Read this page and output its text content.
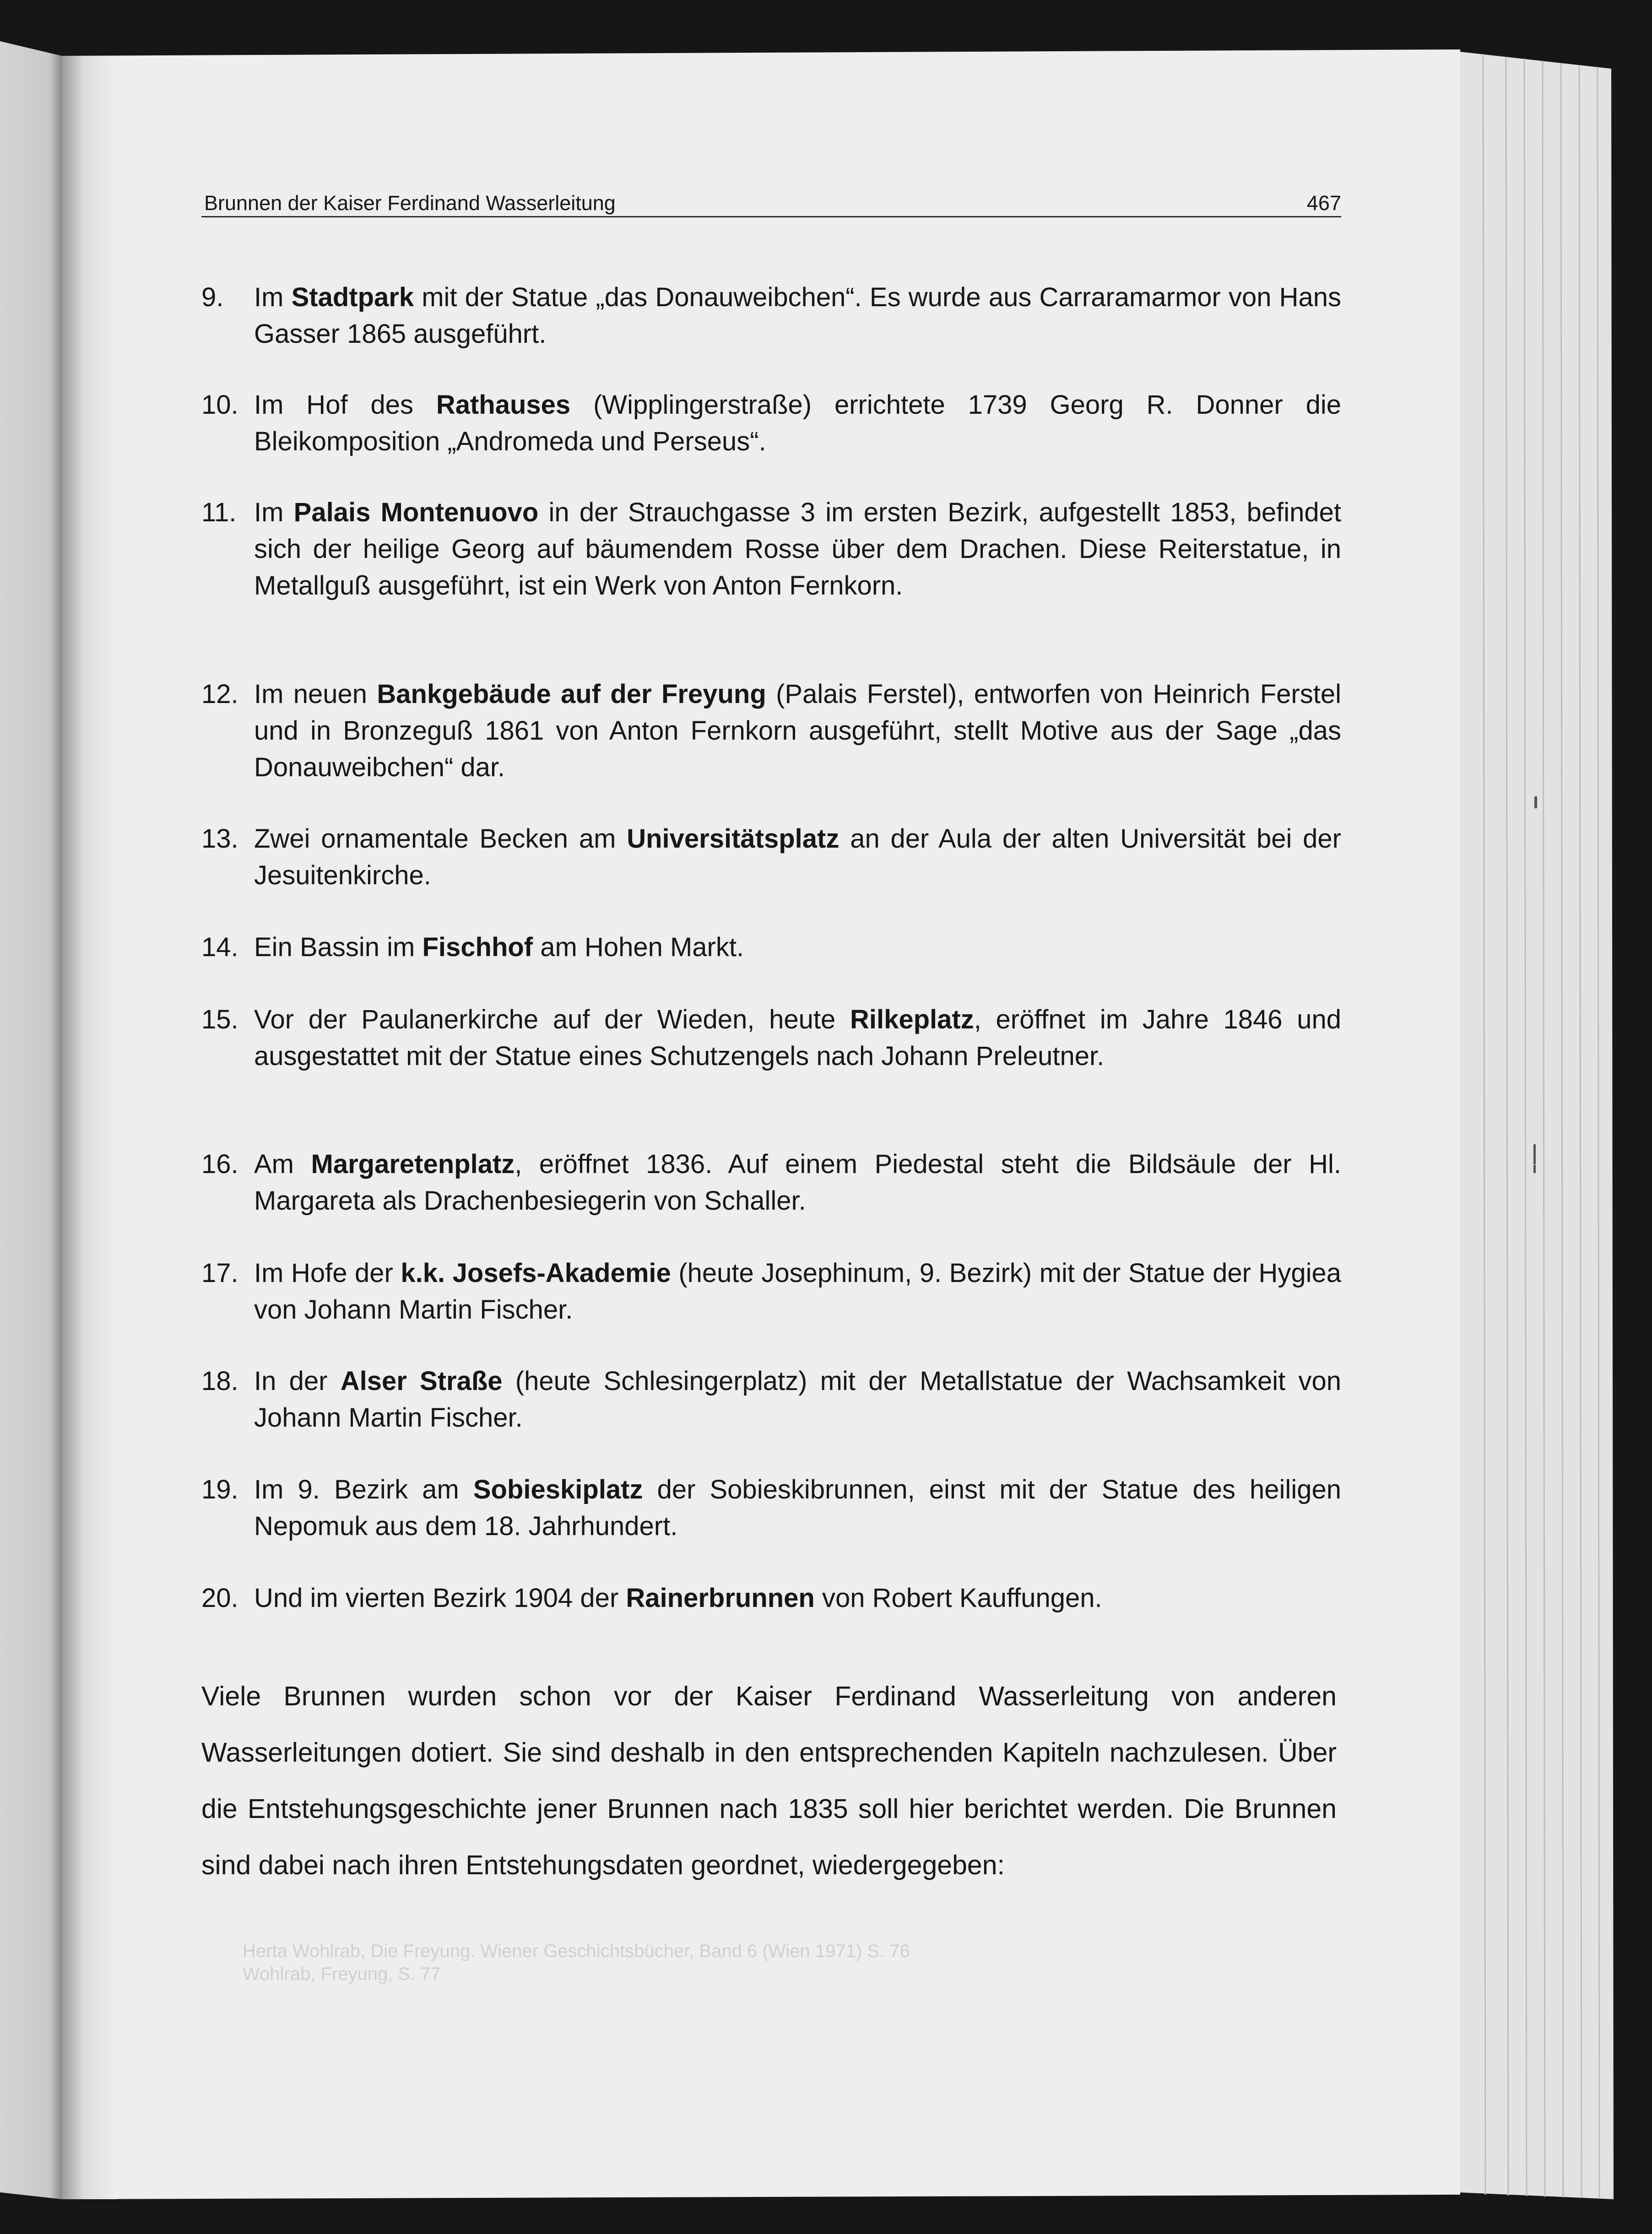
Brunnen der Kaiser Ferdinand Wasserleitung	467
9.	Im Stadtpark mit der Statue „das Donauweibchen“. Es wurde aus Carraramarmor von Hans Gasser 1865 ausgeführt.
10. Im Hof des Rathauses (Wipplingerstraße) errichtete 1739 Georg R. Donner die Bleikomposition „Andromeda und Perseus“.
11. Im Palais Montenuovo in der Strauchgasse 3 im ersten Bezirk, aufgestellt 1853, befindet sich der heilige Georg auf bäumendem Rosse über dem Drachen. Diese Reiterstatue, in Metallguß ausgeführt, ist ein Werk von Anton Fernkorn.
12. Im neuen Bankgebäude auf der Freyung (Palais Ferstel), entworfen von Heinrich Ferstel und in Bronzeguß 1861 von Anton Fernkorn ausgeführt, stellt Motive aus der Sage „das Donauweibchen“ dar.
13. Zwei ornamentale Becken am Universitätsplatz an der Aula der alten Universität bei der Jesuitenkirche.
14. Ein Bassin im Fischhof am Hohen Markt.
15. Vor der Paulanerkirche auf der Wieden, heute Rilkeplatz, eröffnet im Jahre 1846 und ausgestattet mit der Statue eines Schutzengels nach Johann Preleutner.
16. Am Margaretenplatz, eröffnet 1836. Auf einem Piedestal steht die Bildsäule der Hl. Margareta als Drachenbesiegerin von Schaller.
17. Im Hofe der k.k. Josefs-Akademie (heute Josephinum, 9. Bezirk) mit der Statue der Hygiea von Johann Martin Fischer.
18. In der Alser Straße (heute Schlesingerplatz) mit der Metallstatue der Wachsamkeit von Johann Martin Fischer.
19. Im 9. Bezirk am Sobieskiplatz der Sobieskibrunnen, einst mit der Statue des heiligen Nepomuk aus dem 18. Jahrhundert.
20. Und im vierten Bezirk 1904 der Rainerbrunnen von Robert Kauffungen.

Viele Brunnen wurden schon vor der Kaiser Ferdinand Wasserleitung von anderen Wasserleitungen dotiert. Sie sind deshalb in den entsprechenden Kapiteln nachzulesen. Über die Entstehungsgeschichte jener Brunnen nach 1835 soll hier berichtet werden. Die Brunnen sind dabei nach ihren Entstehungsdaten geordnet, wiedergegeben:

Herta Wohlrab, Die Freyung. Wiener Geschichtsbücher, Band 6 (Wien 1971) S. 76
Wohlrab, Freyung, S. 77
